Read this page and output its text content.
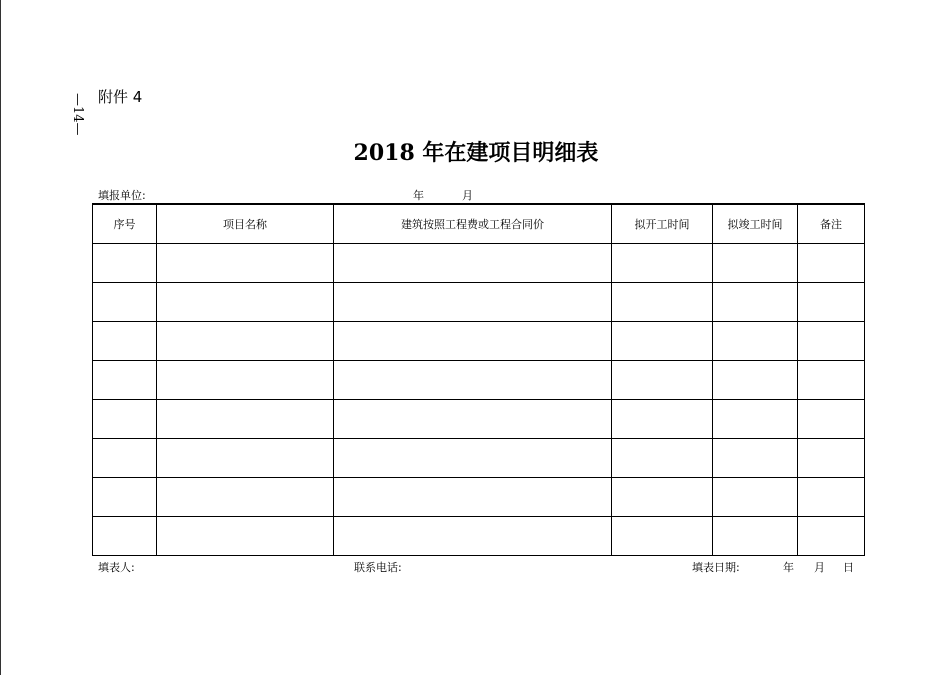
—14— 附件 4
2018 年在建项目明细表
填报单位:	年	月
序号	项目名称	建筑按照工程费或工程合同价	拟开工时间	拟竣工时间	备注

填表人:	联系电话:	填表日期:	年 月 日
